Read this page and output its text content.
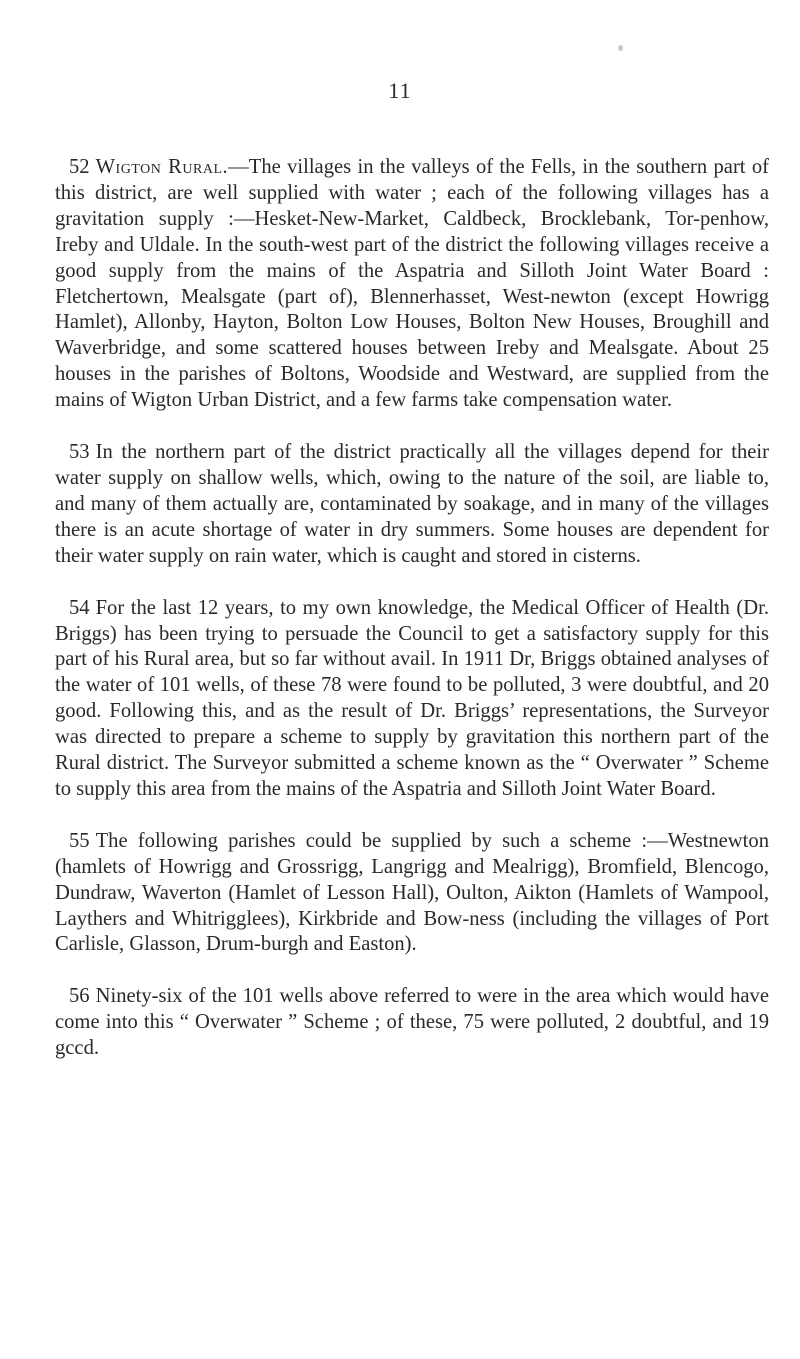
11

52 Wigton Rural.—The villages in the valleys of the Fells, in the southern part of this district, are well supplied with water ; each of the following villages has a gravitation supply :—Hesket-New-Market, Caldbeck, Brocklebank, Tor-penhow, Ireby and Uldale. In the south-west part of the district the following villages receive a good supply from the mains of the Aspatria and Silloth Joint Water Board : Fletchertown, Mealsgate (part of), Blennerhasset, West-newton (except Howrigg Hamlet), Allonby, Hayton, Bolton Low Houses, Bolton New Houses, Broughill and Waverbridge, and some scattered houses between Ireby and Mealsgate. About 25 houses in the parishes of Boltons, Woodside and Westward, are supplied from the mains of Wigton Urban District, and a few farms take compensation water.

53 In the northern part of the district practically all the villages depend for their water supply on shallow wells, which, owing to the nature of the soil, are liable to, and many of them actually are, contaminated by soakage, and in many of the villages there is an acute shortage of water in dry summers. Some houses are dependent for their water supply on rain water, which is caught and stored in cisterns.

54 For the last 12 years, to my own knowledge, the Medical Officer of Health (Dr. Briggs) has been trying to persuade the Council to get a satisfactory supply for this part of his Rural area, but so far without avail. In 1911 Dr, Briggs obtained analyses of the water of 101 wells, of these 78 were found to be polluted, 3 were doubtful, and 20 good. Following this, and as the result of Dr. Briggs’ representations, the Surveyor was directed to prepare a scheme to supply by gravitation this northern part of the Rural district. The Surveyor submitted a scheme known as the “ Overwater ” Scheme to supply this area from the mains of the Aspatria and Silloth Joint Water Board.

55 The following parishes could be supplied by such a scheme :—Westnewton (hamlets of Howrigg and Grossrigg, Langrigg and Mealrigg), Bromfield, Blencogo, Dundraw, Waverton (Hamlet of Lesson Hall), Oulton, Aikton (Hamlets of Wampool, Laythers and Whitrigglees), Kirkbride and Bow-ness (including the villages of Port Carlisle, Glasson, Drum-burgh and Easton).

56 Ninety-six of the 101 wells above referred to were in the area which would have come into this “ Overwater ” Scheme ; of these, 75 were polluted, 2 doubtful, and 19 gccd.
